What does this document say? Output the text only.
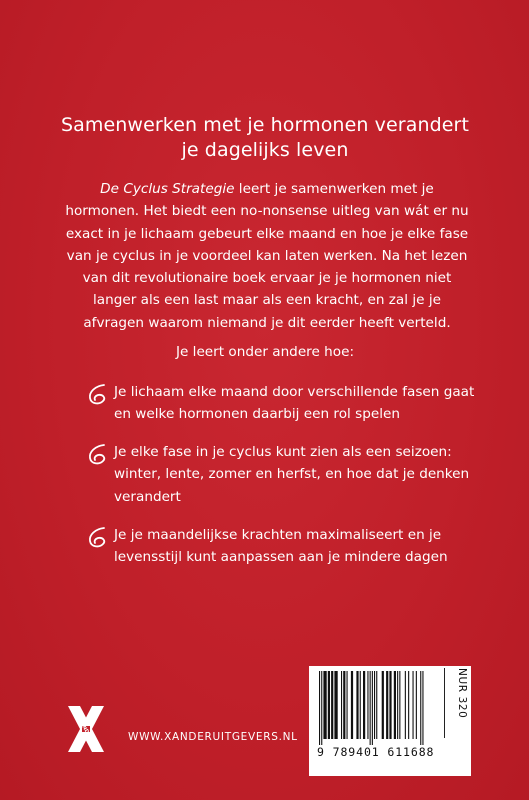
Samenwerken met je hormonen verandert
je dagelijks leven
De Cyclus Strategie leert je samenwerken met je hormonen. Het biedt een no-nonsense uitleg van wát er nu exact in je lichaam gebeurt elke maand en hoe je elke fase van je cyclus in je voordeel kan laten werken. Na het lezen van dit revolutionaire boek ervaar je je hormonen niet langer als een last maar als een kracht, en zal je je afvragen waarom niemand je dit eerder heeft verteld.
Je leert onder andere hoe:
Je lichaam elke maand door verschillende fasen gaat
en welke hormonen daarbij een rol spelen
Je elke fase in je cyclus kunt zien als een seizoen:
winter, lente, zomer en herfst, en hoe dat je denken
verandert
Je je maandelijkse krachten maximaliseert en je
levensstijl kunt aanpassen aan je mindere dagen
XANDER	WWW.XANDERUITGEVERS.NL
9 789401 611688
NUR 320
